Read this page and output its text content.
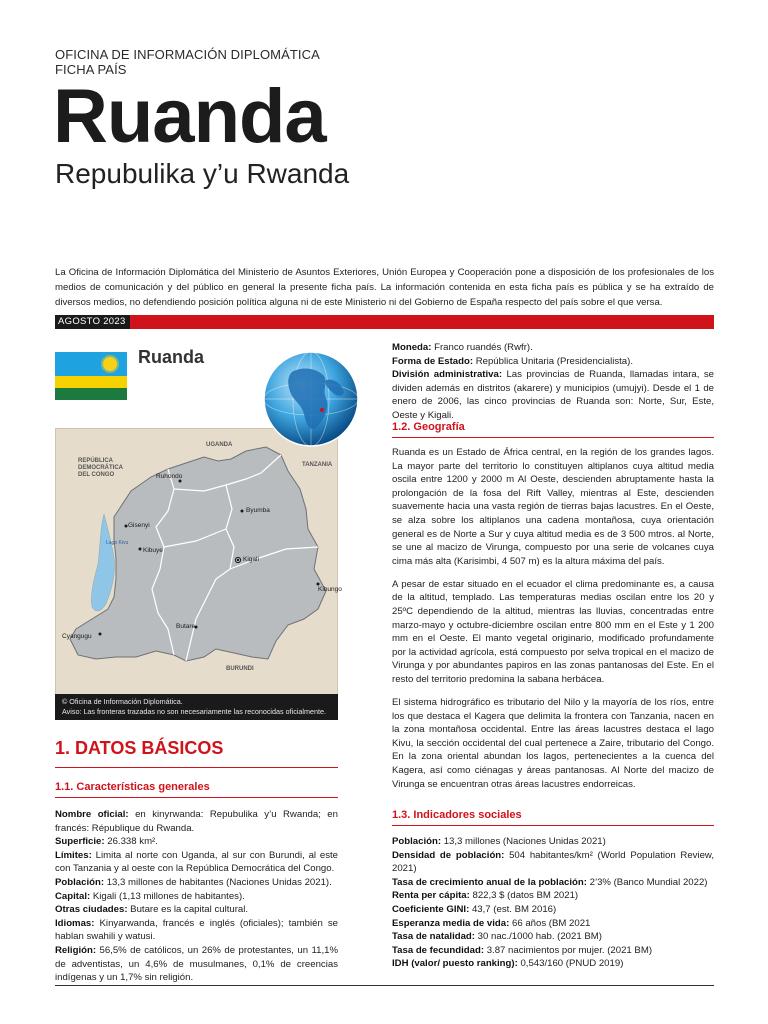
OFICINA DE INFORMACIÓN DIPLOMÁTICA
FICHA PAÍS
Ruanda
Repubulika y’u Rwanda
La Oficina de Información Diplomática del Ministerio de Asuntos Exteriores, Unión Europea y Cooperación pone a disposición de los profesionales de los medios de comunicación y del público en general la presente ficha país. La información contenida en esta ficha país es pública y se ha extraído de diversos medios, no defendiendo posición política alguna ni de este Ministerio ni del Gobierno de España respecto del país sobre el que versa.
AGOSTO 2023
Ruanda
UGANDA
TANZANIA
BURUNDI
REPÚBLICA
DEMOCRÁTICA
DEL CONGO
Lago Kivu
Ruhondo
Byumba
Gisenyi
Kigali
Kibuye
Kibungo
Butare
Cyangugu
© Oficina de Información Diplomática.
Aviso: Las fronteras trazadas no son necesariamente las reconocidas oficialmente.
1. DATOS BÁSICOS
1.1. Características generales
Nombre oficial: en kinyrwanda: Repubulika y’u Rwanda; en francés: République du Rwanda.
Superficie: 26.338 km².
Límites: Limita al norte con Uganda, al sur con Burundi, al este con Tanzania y al oeste con la República Democrática del Congo.
Población: 13,3 millones de habitantes (Naciones Unidas 2021).
Capital: Kigali (1,13 millones de habitantes).
Otras ciudades: Butare es la capital cultural.
Idiomas: Kinyarwanda, francés e inglés (oficiales); también se hablan swahili y watusi.
Religión: 56,5% de católicos, un 26% de protestantes, un 11,1% de adventistas, un 4,6% de musulmanes, 0,1% de creencias indígenas y un 1,7% sin religión.
Moneda: Franco ruandés (Rwfr).
Forma de Estado: República Unitaria (Presidencialista).
División administrativa: Las provincias de Ruanda, llamadas intara, se dividen además en distritos (akarere) y municipios (umujyi). Desde el 1 de enero de 2006, las cinco provincias de Ruanda son: Norte, Sur, Este, Oeste y Kigali.
1.2. Geografía

Ruanda es un Estado de África central, en la región de los grandes lagos. La mayor parte del territorio lo constituyen altiplanos cuya altitud media oscila entre 1200 y 2000 m Al Oeste, descienden abruptamente hasta la prolongación de la fosa del Rift Valley, mientras al Este, descienden suavemente hacia una vasta región de tierras bajas lacustres. En el Oeste, se alza sobre los altiplanos una cadena montañosa, cuya orientación general es de Norte a Sur y cuya altitud media es de 3 500 mtros. al Norte, se une al macizo de Virunga, compuesto por una serie de volcanes cuya cima más alta (Karisimbi, 4 507 m) es la altura máxima del país.

A pesar de estar situado en el ecuador el clima predominante es, a causa de la altitud, templado. Las temperaturas medias oscilan entre los 20 y 25ºC dependiendo de la altitud, mientras las lluvias, concentradas entre marzo-mayo y octubre-diciembre oscilan entre 800 mm en el Este y 1 200 mm en el Oeste. El manto vegetal originario, modificado profundamente por la actividad agrícola, está compuesto por selva tropical en el macizo de Virunga y por abundantes papiros en las zonas pantanosas del Este. En el resto del territorio predomina la sabana herbácea.

El sistema hidrográfico es tributario del Nilo y la mayoría de los ríos, entre los que destaca el Kagera que delimita la frontera con Tanzania, nacen en la zona montañosa occidental. Entre las áreas lacustres destaca el lago Kivu, la sección occidental del cual pertenece a Zaire, tributario del Congo. En la zona oriental abundan los lagos, pertenecientes a la cuenca del Kagera, así como ciénagas y áreas pantanosas. Al Norte del macizo de Virunga se encuentran otras áreas lacustres endorreicas.

1.3. Indicadores sociales
Población: 13,3 millones (Naciones Unidas 2021)
Densidad de población: 504 habitantes/km² (World Population Review, 2021)
Tasa de crecimiento anual de la población: 2’3% (Banco Mundial 2022)
Renta per cápita: 822,3 $ (datos BM 2021)
Coeficiente GINI: 43,7 (est. BM 2016)
Esperanza media de vida: 66 años (BM 2021
Tasa de natalidad: 30 nac./1000 hab. (2021 BM)
Tasa de fecundidad: 3.87 nacimientos por mujer. (2021 BM)
IDH (valor/ puesto ranking): 0,543/160 (PNUD 2019)
